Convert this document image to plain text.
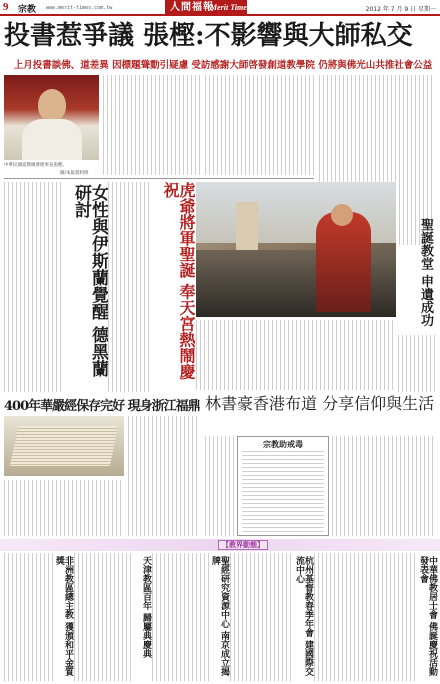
9 宗教 www.merit-times.com.tw	人間福報
Merit Times	2012 年 7 月 9 日 星期一
投書惹爭議 張樫:不影響與大師私交
上月投書談佛、道差異 因標題聳動引疑慮 受訪感謝大師啓發創道教學院 仍將與佛光山共推社會公益
中華民國道教總會理事長張樫。
圖/本報資料照
女性與伊斯蘭覺醒 德黑蘭研討	虎爺將軍聖誕 奉天宮熱鬧慶祝
聖誕教堂 申遺成功
400年華嚴經保存完好 現身浙江福鼎 林書豪香港布道 分享信仰與生活
宗教助戒毒
【教界動態】
非洲教區總主教 獲頒和平金質獎	天津教區百年 歸屬典慶典	聖經研究資源中心 南京成立揭牌	杭州基督教春季年會 建國際交流中心	中華佛教居士會 佛誕慶祝活動發表會
